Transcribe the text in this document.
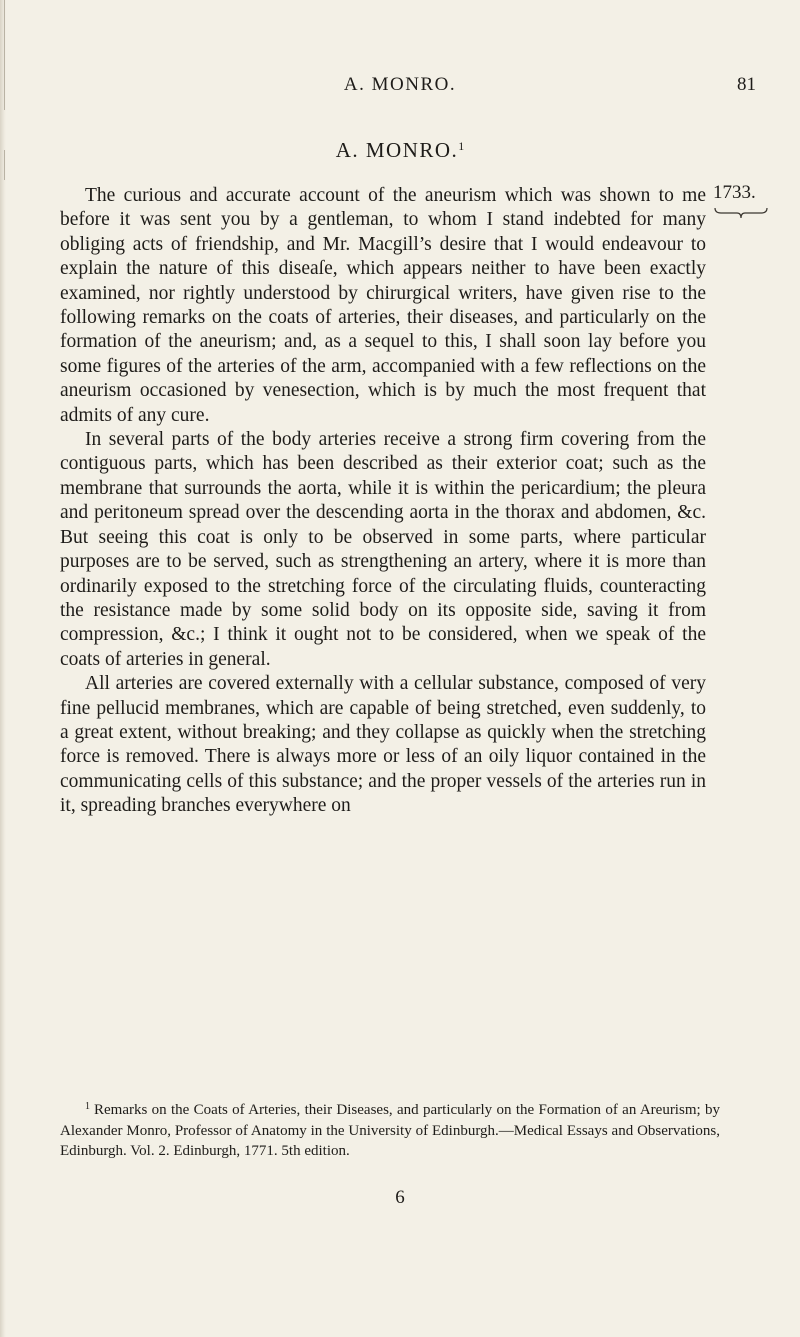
A. MONRO.	81
A. MONRO.$^1$
1733.

The curious and accurate account of the aneurism which was shown to me before it was sent you by a gentleman, to whom I stand indebted for many obliging acts of friendship, and Mr. Macgill’s desire that I would endeavour to explain the nature of this diseaſe, which appears neither to have been exactly examined, nor rightly understood by chirurgical writers, have given rise to the following remarks on the coats of arteries, their diseases, and particularly on the formation of the aneurism; and, as a sequel to this, I shall soon lay before you some figures of the arteries of the arm, accompanied with a few reflections on the aneurism occasioned by venesection, which is by much the most frequent that admits of any cure.

In several parts of the body arteries receive a strong firm covering from the contiguous parts, which has been described as their exterior coat; such as the membrane that surrounds the aorta, while it is within the pericardium; the pleura and peritoneum spread over the descending aorta in the thorax and abdomen, &c. But seeing this coat is only to be observed in some parts, where particular purposes are to be served, such as strengthening an artery, where it is more than ordinarily exposed to the stretching force of the circulating fluids, counteracting the resistance made by some solid body on its opposite side, saving it from compression, &c.; I think it ought not to be considered, when we speak of the coats of arteries in general.

All arteries are covered externally with a cellular substance, composed of very fine pellucid membranes, which are capable of being stretched, even suddenly, to a great extent, without breaking; and they collapse as quickly when the stretching force is removed. There is always more or less of an oily liquor contained in the communicating cells of this substance; and the proper vessels of the arteries run in it, spreading branches everywhere on

$^1$ Remarks on the Coats of Arteries, their Diseases, and particularly on the Formation of an Areurism; by Alexander Monro, Professor of Anatomy in the University of Edinburgh.—Medical Essays and Observations, Edinburgh. Vol. 2. Edinburgh, 1771. 5th edition.

6
